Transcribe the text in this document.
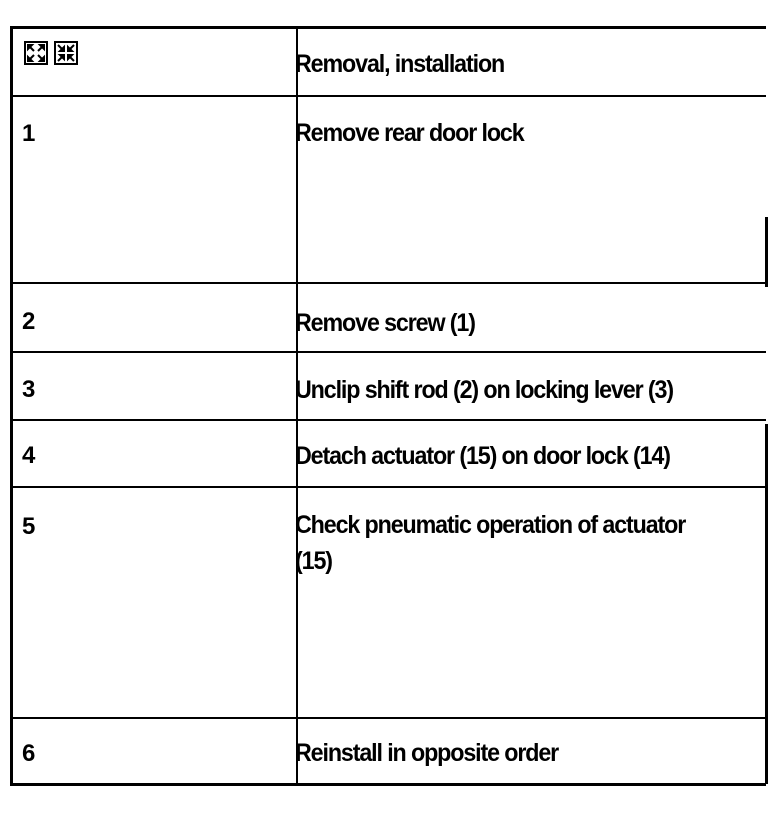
Removal, installation
1	Remove rear door lock
2	Remove screw (1)
3	Unclip shift rod (2) on locking lever (3)
4	Detach actuator (15) on door lock (14)
5	Check pneumatic operation of actuator (15)
6	Reinstall in opposite order
